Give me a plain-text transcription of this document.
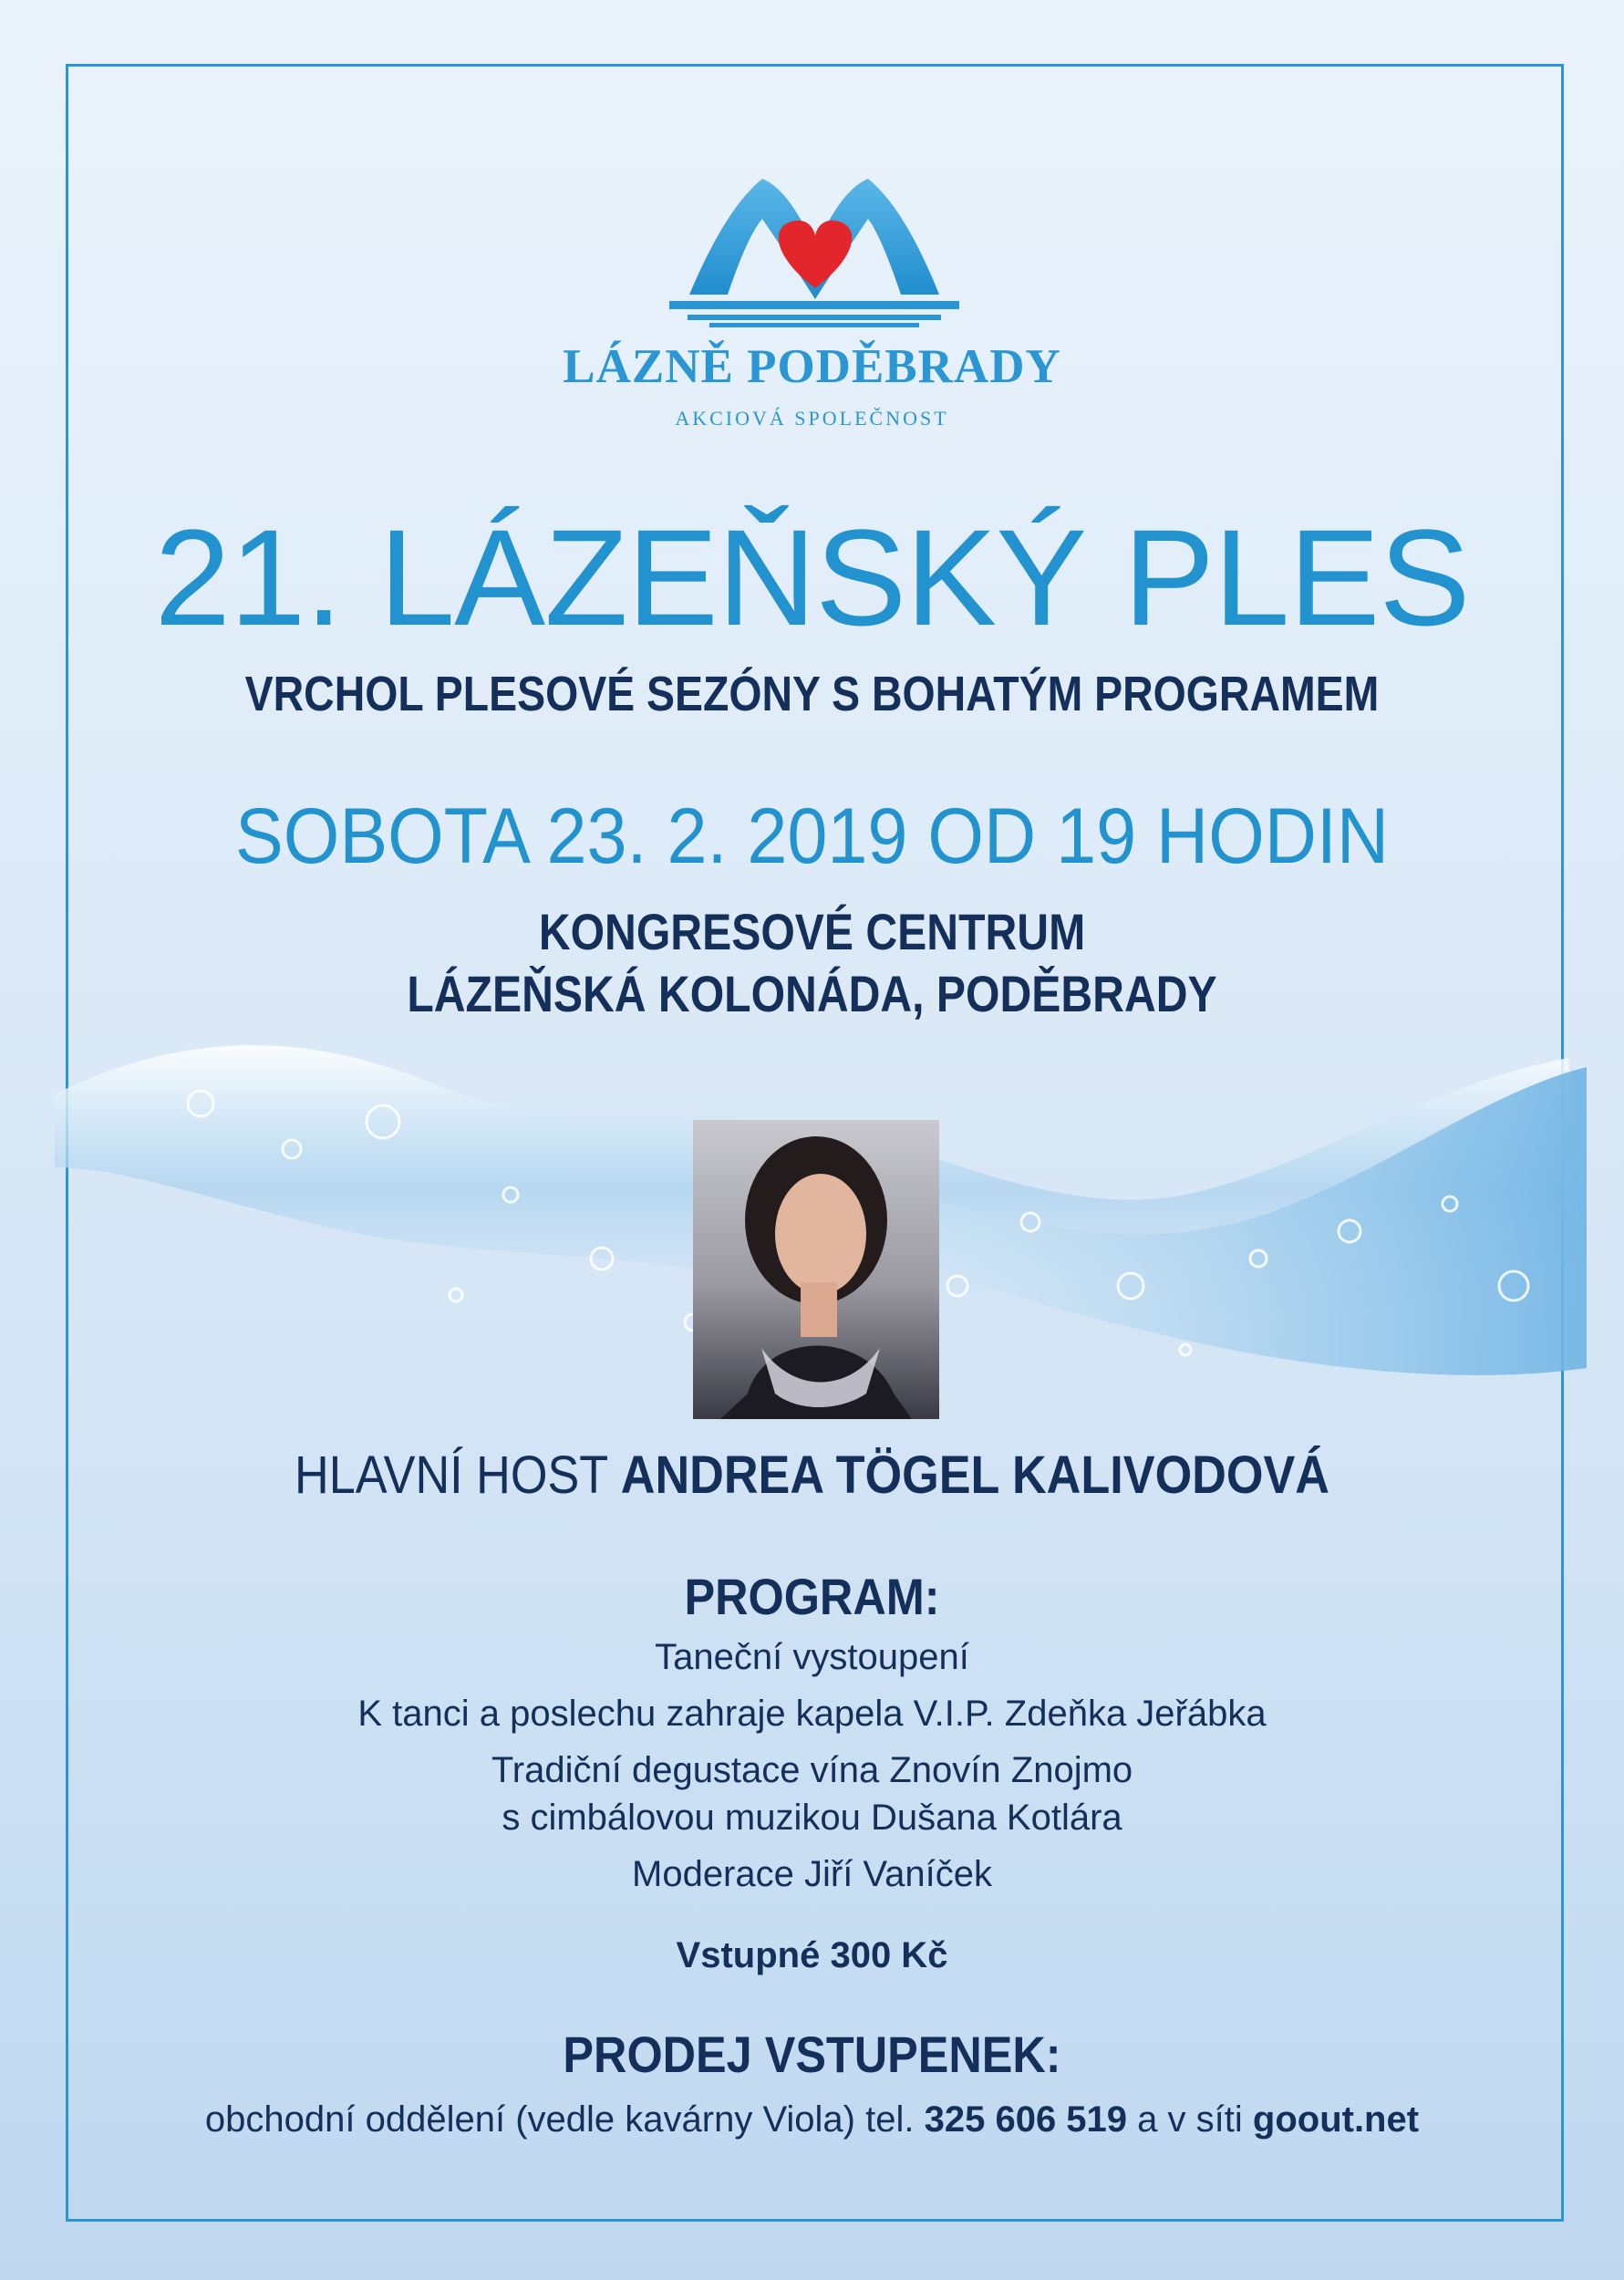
LÁZNĚ PODĚBRADY
AKCIOVÁ SPOLEČNOST
21. LÁZEŇSKÝ PLES
VRCHOL PLESOVÉ SEZÓNY S BOHATÝM PROGRAMEM
SOBOTA 23. 2. 2019 OD 19 HODIN
KONGRESOVÉ CENTRUM
LÁZEŇSKÁ KOLONÁDA, PODĚBRADY
HLAVNÍ HOST ANDREA TÖGEL KALIVODOVÁ
PROGRAM:
Taneční vystoupení
K tanci a poslechu zahraje kapela V.I.P. Zdeňka Jeřábka
Tradiční degustace vína Znovín Znojmo
s cimbálovou muzikou Dušana Kotlára
Moderace Jiří Vaníček
Vstupné 300 Kč
PRODEJ VSTUPENEK:
obchodní oddělení (vedle kavárny Viola) tel. 325 606 519 a v síti goout.net
